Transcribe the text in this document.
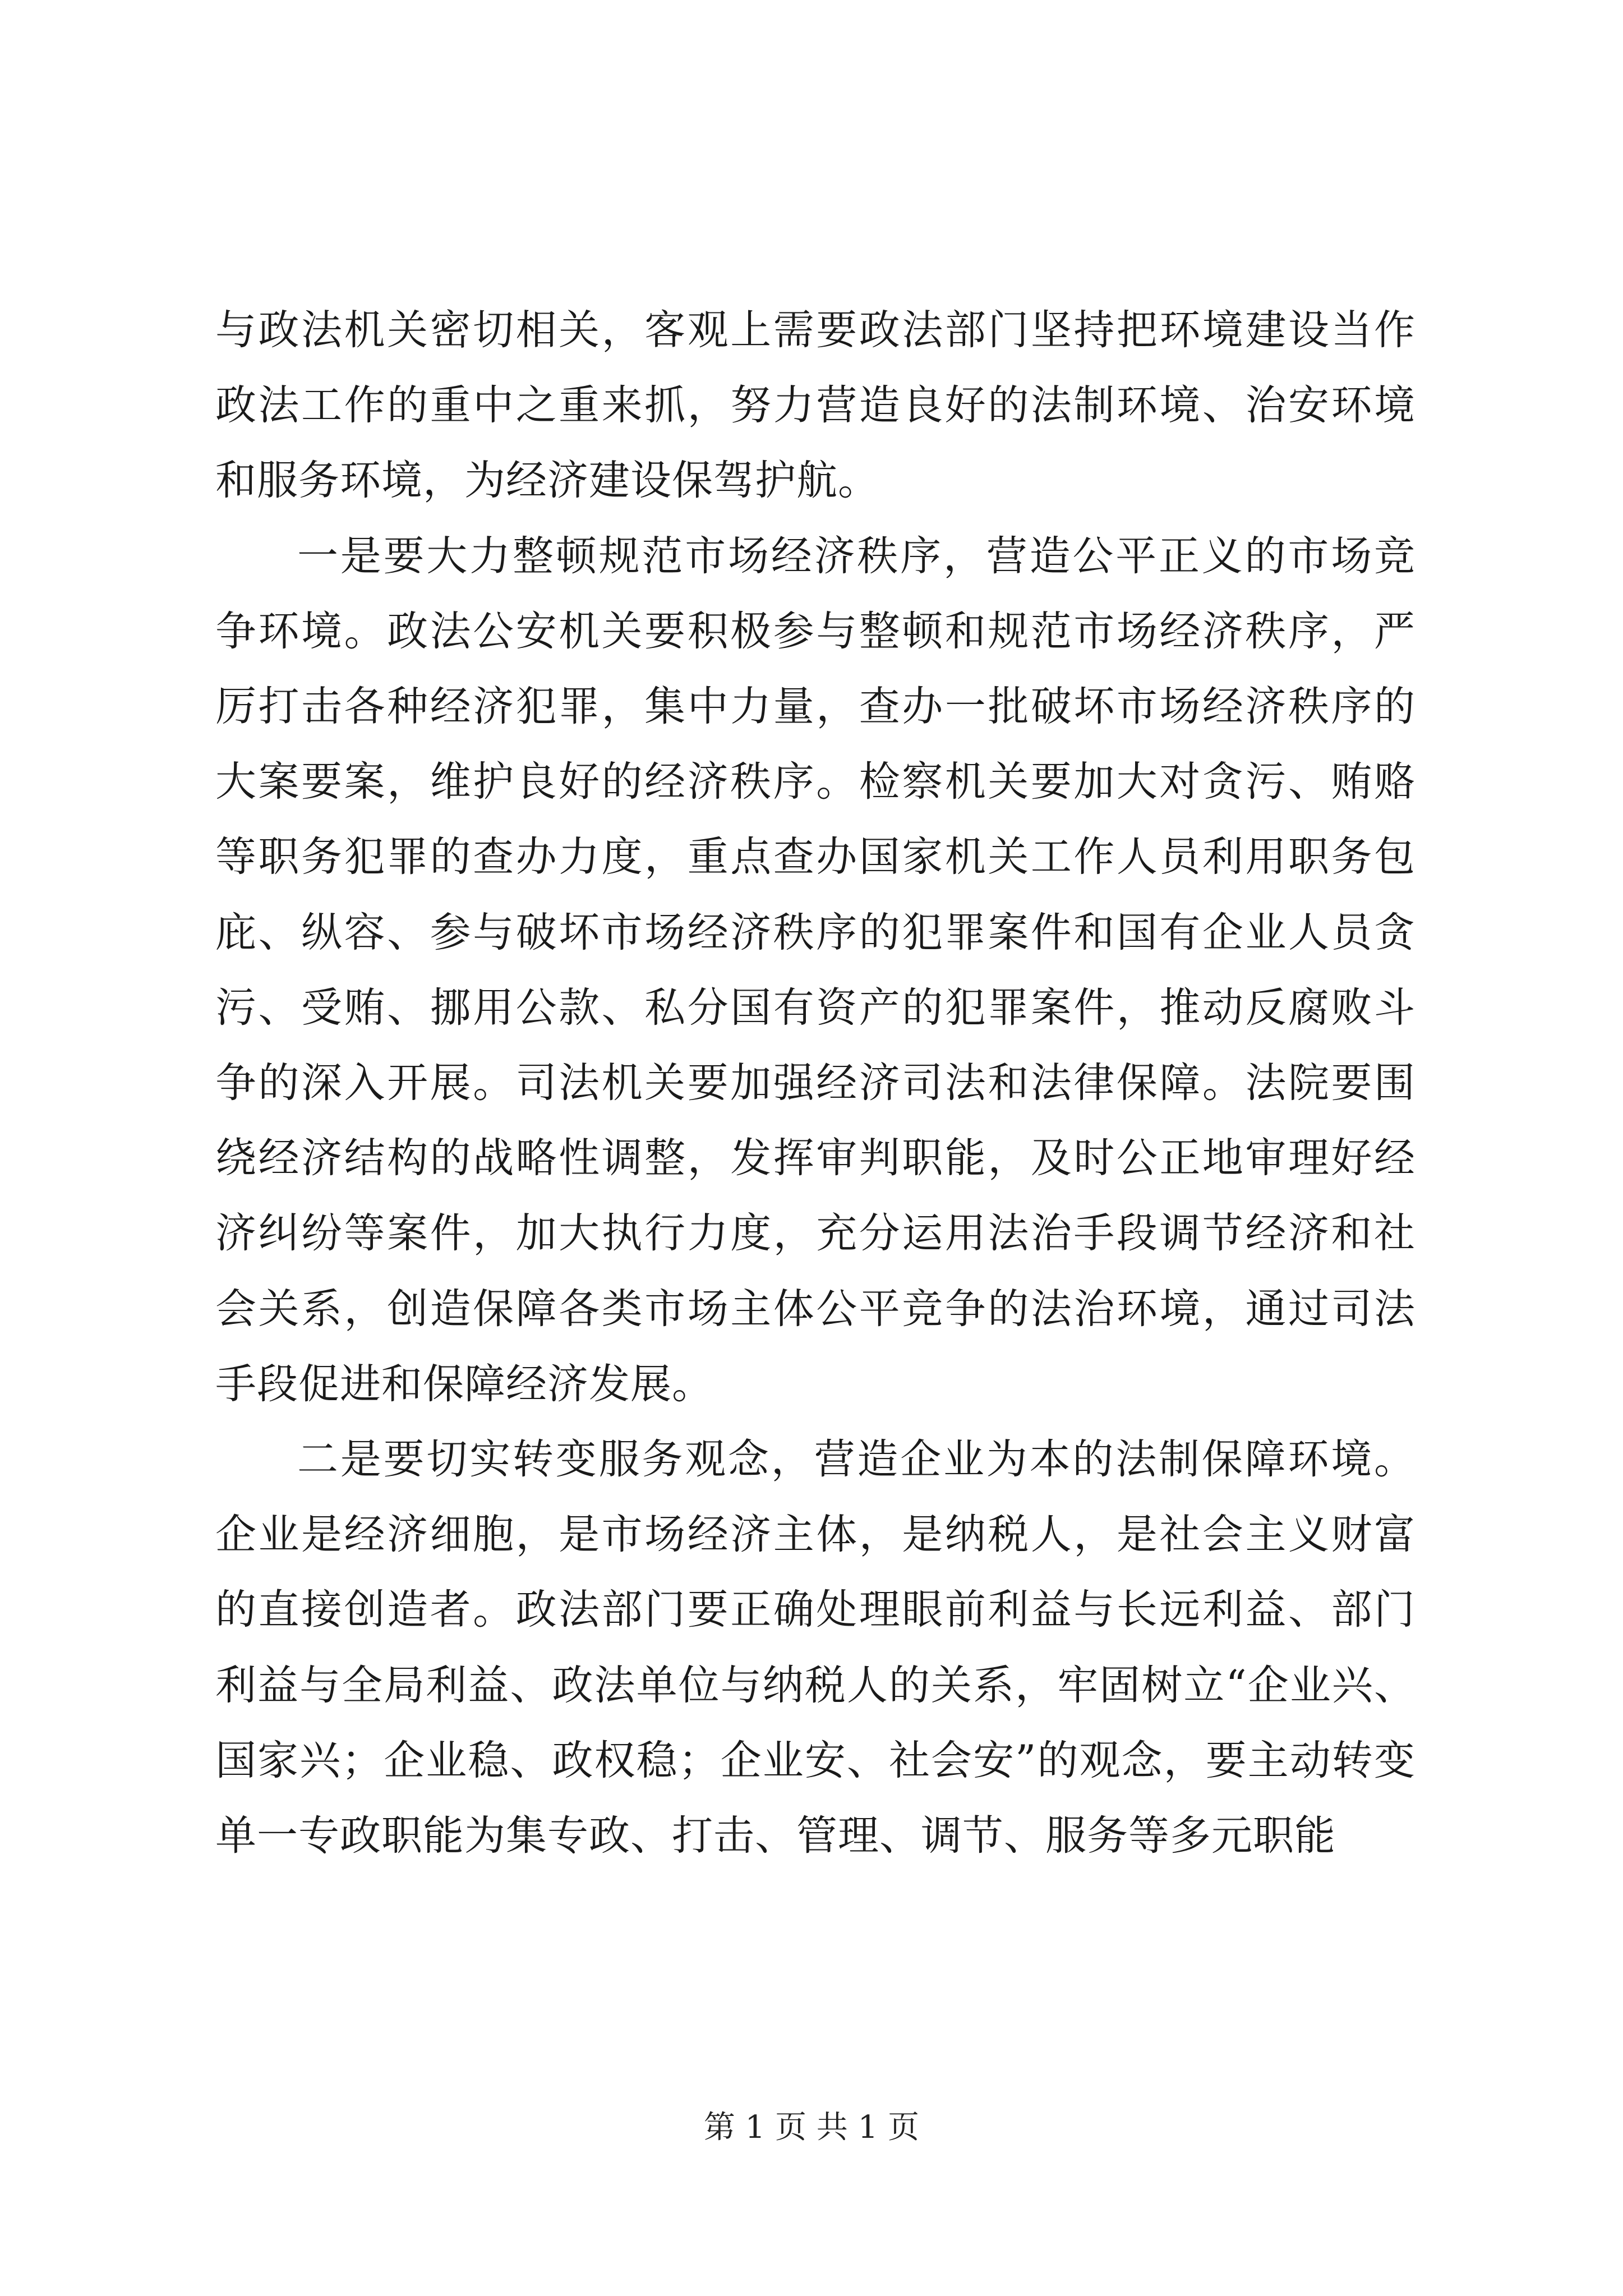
与政法机关密切相关，客观上需要政法部门坚持把环境建设当作政法工作的重中之重来抓，努力营造良好的法制环境、治安环境和服务环境，为经济建设保驾护航。

一是要大力整顿规范市场经济秩序，营造公平正义的市场竞争环境。政法公安机关要积极参与整顿和规范市场经济秩序，严厉打击各种经济犯罪，集中力量，查办一批破坏市场经济秩序的大案要案，维护良好的经济秩序。检察机关要加大对贪污、贿赂等职务犯罪的查办力度，重点查办国家机关工作人员利用职务包庇、纵容、参与破坏市场经济秩序的犯罪案件和国有企业人员贪污、受贿、挪用公款、私分国有资产的犯罪案件，推动反腐败斗争的深入开展。司法机关要加强经济司法和法律保障。法院要围绕经济结构的战略性调整，发挥审判职能，及时公正地审理好经济纠纷等案件，加大执行力度，充分运用法治手段调节经济和社会关系，创造保障各类市场主体公平竞争的法治环境，通过司法手段促进和保障经济发展。

二是要切实转变服务观念，营造企业为本的法制保障环境。企业是经济细胞，是市场经济主体，是纳税人，是社会主义财富的直接创造者。政法部门要正确处理眼前利益与长远利益、部门利益与全局利益、政法单位与纳税人的关系，牢固树立“企业兴、国家兴；企业稳、政权稳；企业安、社会安”的观念，要主动转变单一专政职能为集专政、打击、管理、调节、服务等多元职能

第 1 页 共 1 页
